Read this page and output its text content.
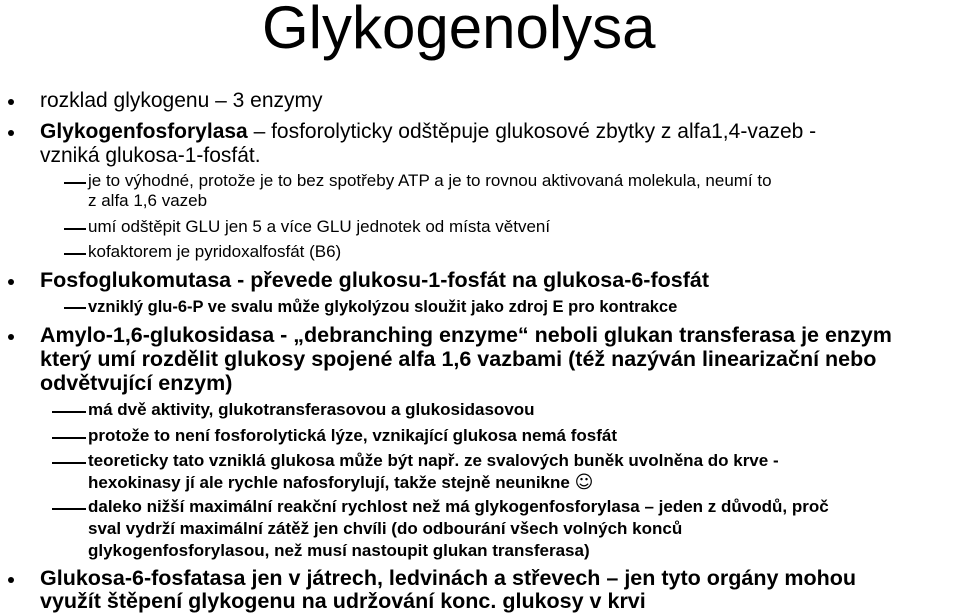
Glykogenolysa
rozklad glykogenu – 3 enzymy
Glykogenfosforylasa – fosforolyticky odštěpuje glukosové zbytky z alfa1,4-vazeb -
vzniká glukosa-1-fosfát.
je to výhodné, protože je to bez spotřeby ATP a je to rovnou aktivovaná molekula, neumí to
z alfa 1,6 vazeb
umí odštěpit GLU jen 5 a více GLU jednotek od místa větvení
kofaktorem je pyridoxalfosfát (B6)
Fosfoglukomutasa - převede glukosu-1-fosfát na glukosa-6-fosfát
vzniklý glu-6-P ve svalu může glykolýzou sloužit jako zdroj E pro kontrakce
Amylo-1,6-glukosidasa - „debranching enzyme“ neboli glukan transferasa je enzym
který umí rozdělit glukosy spojené alfa 1,6 vazbami (též nazýván linearizační nebo
odvětvující enzym)
má dvě aktivity, glukotransferasovou a glukosidasovou
protože to není fosforolytická lýze, vznikající glukosa nemá fosfát
teoreticky tato vzniklá glukosa může být např. ze svalových buněk uvolněna do krve -
hexokinasy jí ale rychle nafosforylují, takže stejně neunikne ☺
daleko nižší maximální reakční rychlost než má glykogenfosforylasa – jeden z důvodů, proč
sval vydrží maximální zátěž jen chvíli (do odbourání všech volných konců
glykogenfosforylasou, než musí nastoupit glukan transferasa)
Glukosa-6-fosfatasa jen v játrech, ledvinách a střevech – jen tyto orgány mohou
využít štěpení glykogenu na udržování konc. glukosy v krvi
